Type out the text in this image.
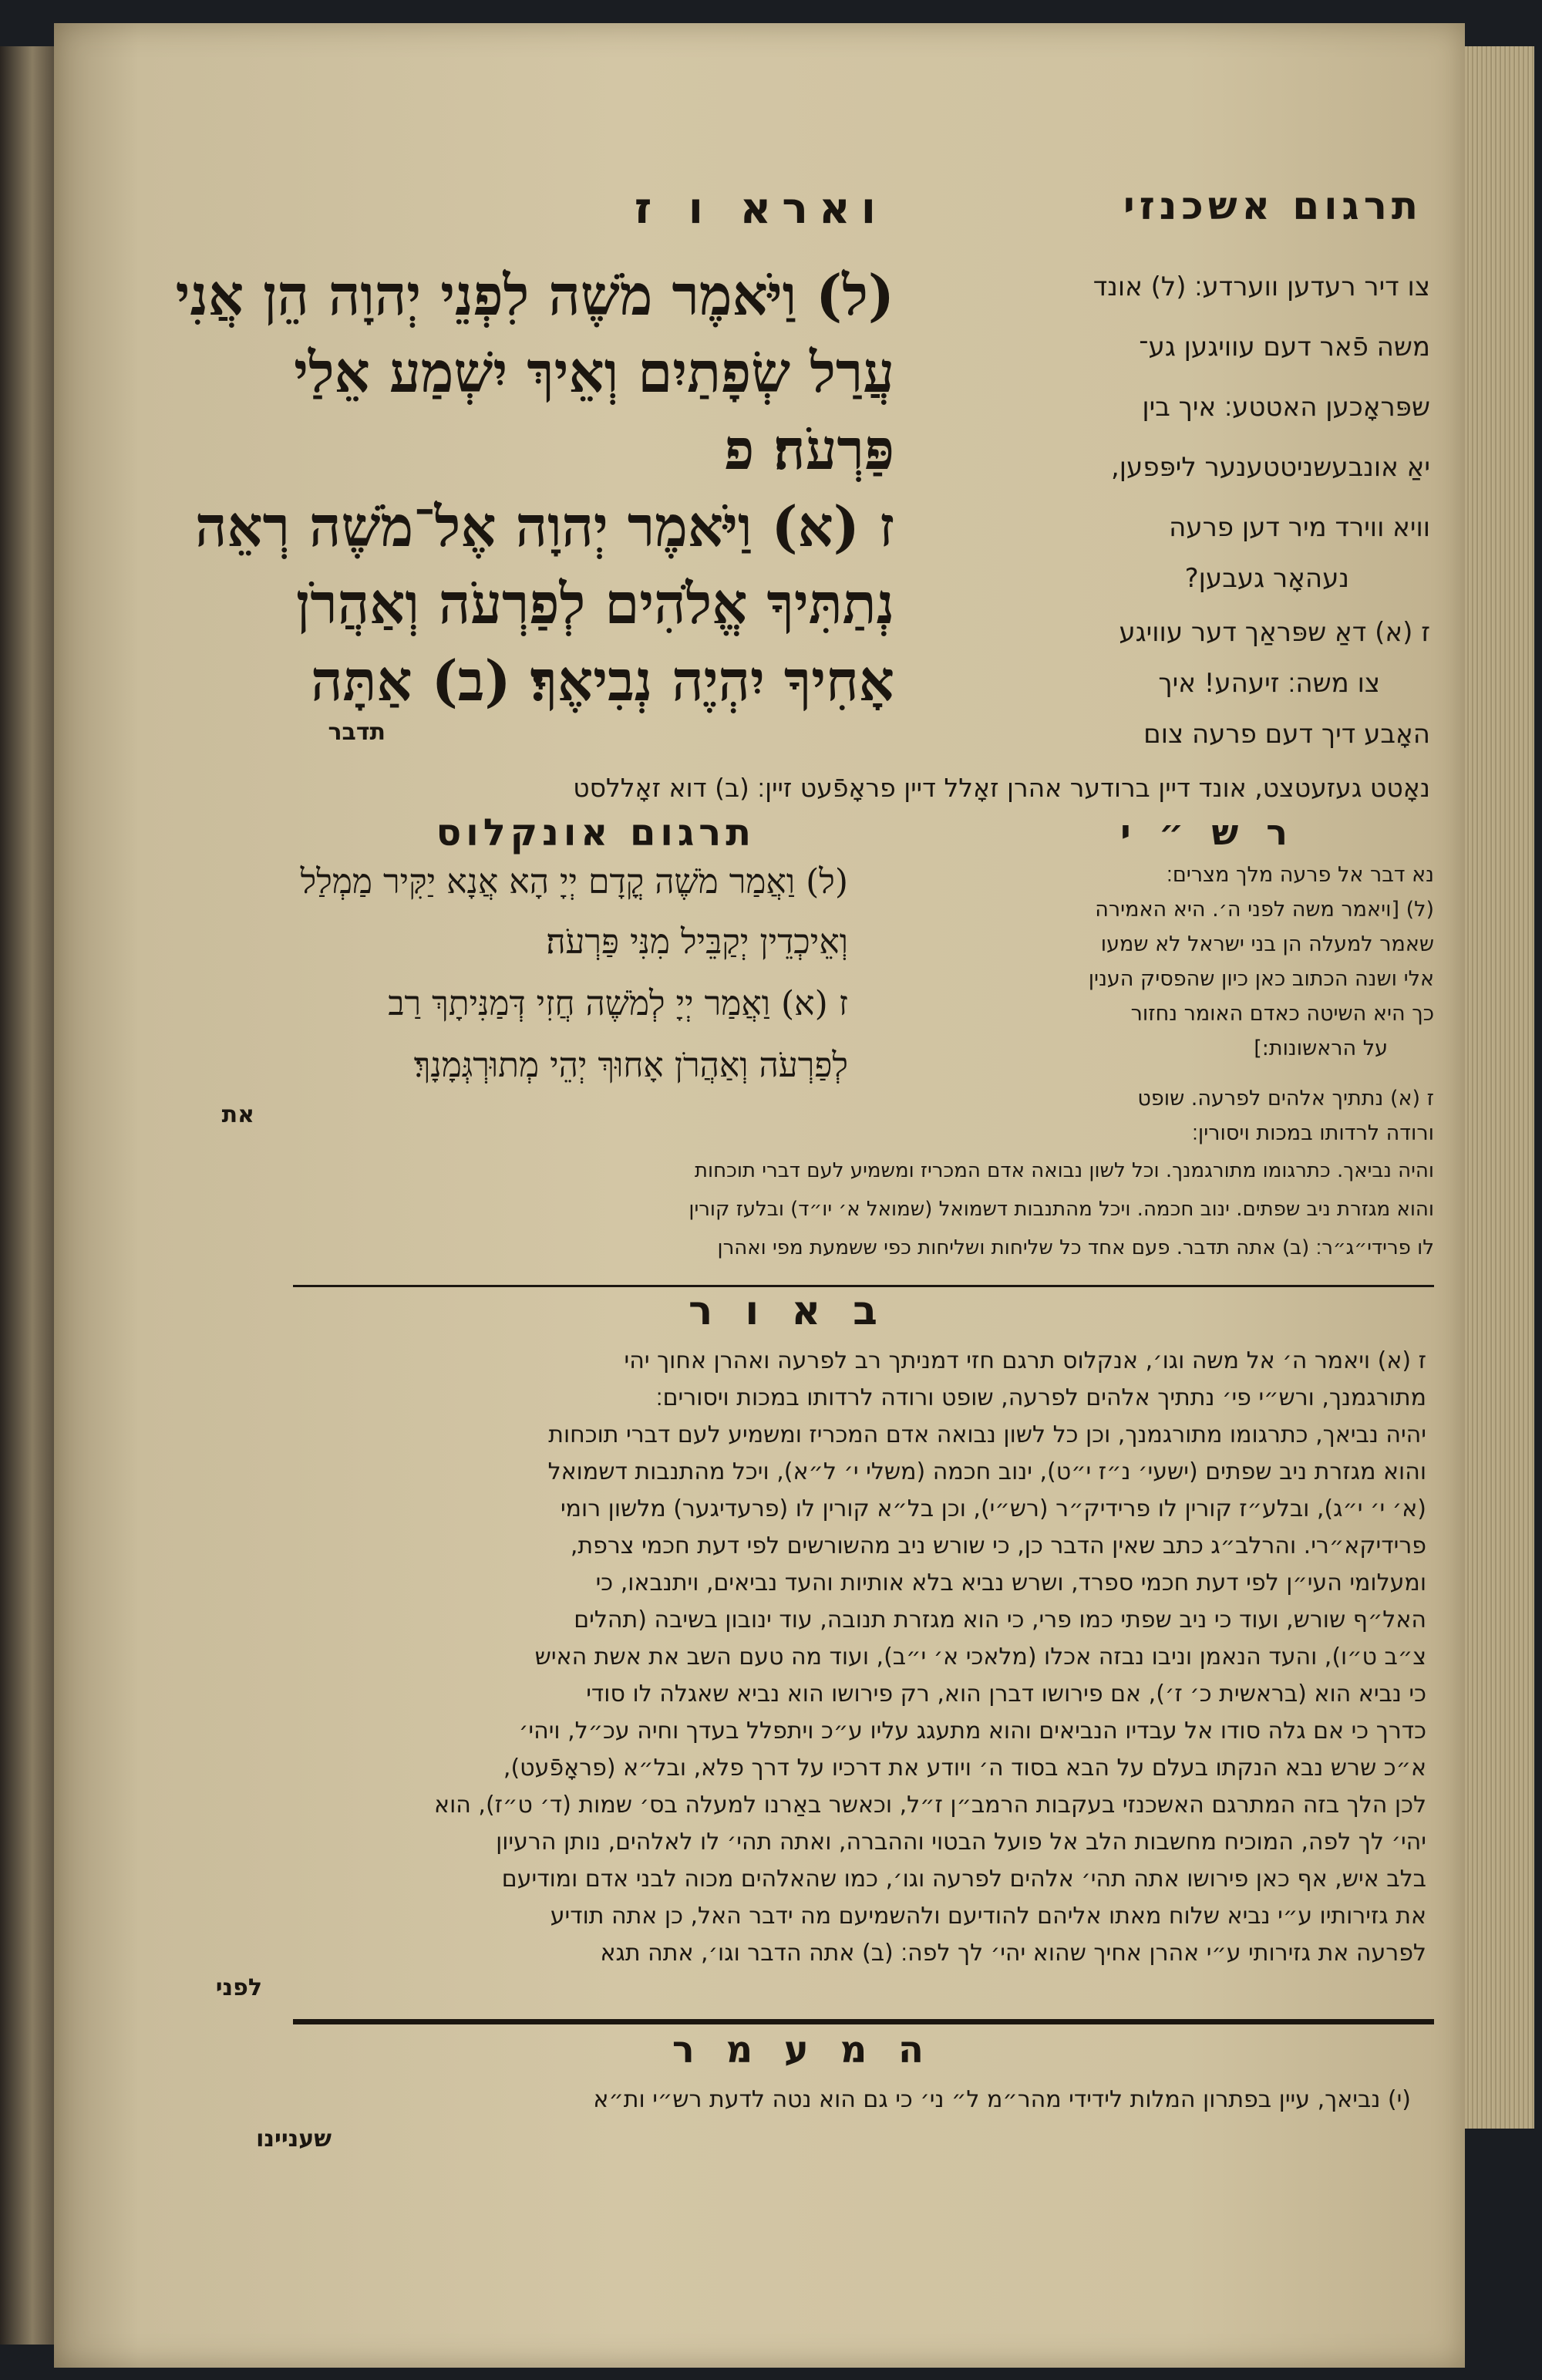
תרגום אשכנזי
וארא ו ז
(ל) וַיֹּאמֶר מֹשֶׁה לִפְנֵי יְהוָה הֵן אֲנִי
עֲרַל שְׂפָתַיִם וְאֵיךְ יִשְׁמַע אֵלַי
פַּרְעֹה׃ פ
ז (א) וַיֹּאמֶר יְהוָה אֶל־מֹשֶׁה רְאֵה
נְתַתִּיךָ אֱלֹהִים לְפַרְעֹה וְאַהֲרֹן
אָחִיךָ יִהְיֶה נְבִיאֶךָ׃ (ב) אַתָּה
תדבר
צו דיר רעדען ווערדע׃ (ל) אונד
משה פֿאר דעם עוויגען גע־
שפּראָכען האטטע׃ איך בין
יאַ אונבעשניטטענער ליפּפען,
וויא ווירד מיר דען פרעה
נעהאָר געבען?
ז (א) דאַ שפּראַך דער עוויגע
צו משה׃ זיעהע! איך
האָבע דיך דעם פרעה צום
נאָטט געזעטצט, אונד דיין ברודער אהרן זאָלל דיין פראָפֿעט זיין׃ (ב) דוא זאָללסט
תרגום אונקלוס
(ל) וַאֲמַר מֹשֶׁה קֳדָם יְיָ הָא אֲנָא יַקִּיר מַמְלַל
וְאֵיכְדֵין יְקַבֵּיל מִנִּי פַּרְעֹה׃
ז (א) וַאֲמַר יְיָ לְמֹשֶׁה חֲזִי דְּמַנִּיתָךְ רַב
לְפַרְעֹה וְאַהֲרֹן אָחוּךְ יְהֵי מְתוּרְגְּמָנָךְ׃
את
ר ש ״ י
נא דבר אל פרעה מלך מצרים׃
(ל) [ויאמר משה לפני ה׳. היא האמירה
שאמר למעלה הן בני ישראל לא שמעו
אלי ושנה הכתוב כאן כיון שהפסיק הענין
כך היא השיטה כאדם האומר נחזור
על הראשונות:]
ז (א) נתתיך אלהים לפרעה. שופט
ורודה לרדותו במכות ויסורין׃
והיה נביאך. כתרגומו מתורגמנך. וכל לשון נבואה אדם המכריז ומשמיע לעם דברי תוכחות
והוא מגזרת ניב שפתים. ינוב חכמה. ויכל מהתנבות דשמואל (שמואל א׳ יו״ד) ובלעז קורין
לו פרידי״ג״ר׃ (ב) אתה תדבר. פעם אחד כל שליחות ושליחות כפי ששמעת מפי ואהרן
ב א ו ר
ז (א) ויאמר ה׳ אל משה וגו׳, אנקלוס תרגם חזי דמניתך רב לפרעה ואהרן אחוך יהי
מתורגמנך, ורש״י פי׳ נתתיך אלהים לפרעה, שופט ורודה לרדותו במכות ויסורים׃
יהיה נביאך, כתרגומו מתורגמנך, וכן כל לשון נבואה אדם המכריז ומשמיע לעם דברי תוכחות
והוא מגזרת ניב שפתים (ישעי׳ נ״ז י״ט), ינוב חכמה (משלי י׳ ל״א), ויכל מהתנבות דשמואל
(א׳ י׳ י״ג), ובלע״ז קורין לו פרידיק״ר (רש״י), וכן בל״א קורין לו (פרעדיגער) מלשון רומי
פרידיקא״רי. והרלב״ג כתב שאין הדבר כן, כי שורש ניב מהשורשים לפי דעת חכמי צרפת,
ומעלומי העי״ן לפי דעת חכמי ספרד, ושרש נביא בלא אותיות והעד נביאים, ויתנבאו, כי
האל״ף שורש, ועוד כי ניב שפתי כמו פרי, כי הוא מגזרת תנובה, עוד ינובון בשיבה (תהלים
צ״ב ט״ו), והעד הנאמן וניבו נבזה אכלו (מלאכי א׳ י״ב), ועוד מה טעם השב את אשת האיש
כי נביא הוא (בראשית כ׳ ז׳), אם פירושו דברן הוא, רק פירושו הוא נביא שאגלה לו סודי
כדרך כי אם גלה סודו אל עבדיו הנביאים והוא מתעגג עליו ע״כ ויתפלל בעדך וחיה עכ״ל, ויהי׳
א״כ שרש נבא הנקתו בעלם על הבא בסוד ה׳ ויודע את דרכיו על דרך פלא, ובל״א (פראָפֿעט),
לכן הלך בזה המתרגם האשכנזי בעקבות הרמב״ן ז״ל, וכאשר באַרנו למעלה בס׳ שמות (ד׳ ט״ז), הוא
יהי׳ לך לפה, המוכיח מחשבות הלב אל פועל הבטוי וההברה, ואתה תהי׳ לו לאלהים, נותן הרעיון
בלב איש, אף כאן פירושו אתה תהי׳ אלהים לפרעה וגו׳, כמו שהאלהים מכוה לבני אדם ומודיעם
את גזירותיו ע״י נביא שלוח מאתו אליהם להודיעם ולהשמיעם מה ידבר האל, כן אתה תודיע
לפרעה את גזירותי ע״י אהרן אחיך שהוא יהי׳ לך לפה׃ (ב) אתה הדבר וגו׳, אתה תגא
לפני
ה מ ע מ ר
(י) נביאך, עיין בפתרון המלות לידידי מהר״מ ל״ ני׳ כי גם הוא נטה לדעת רש״י ות״א
שעניינו
